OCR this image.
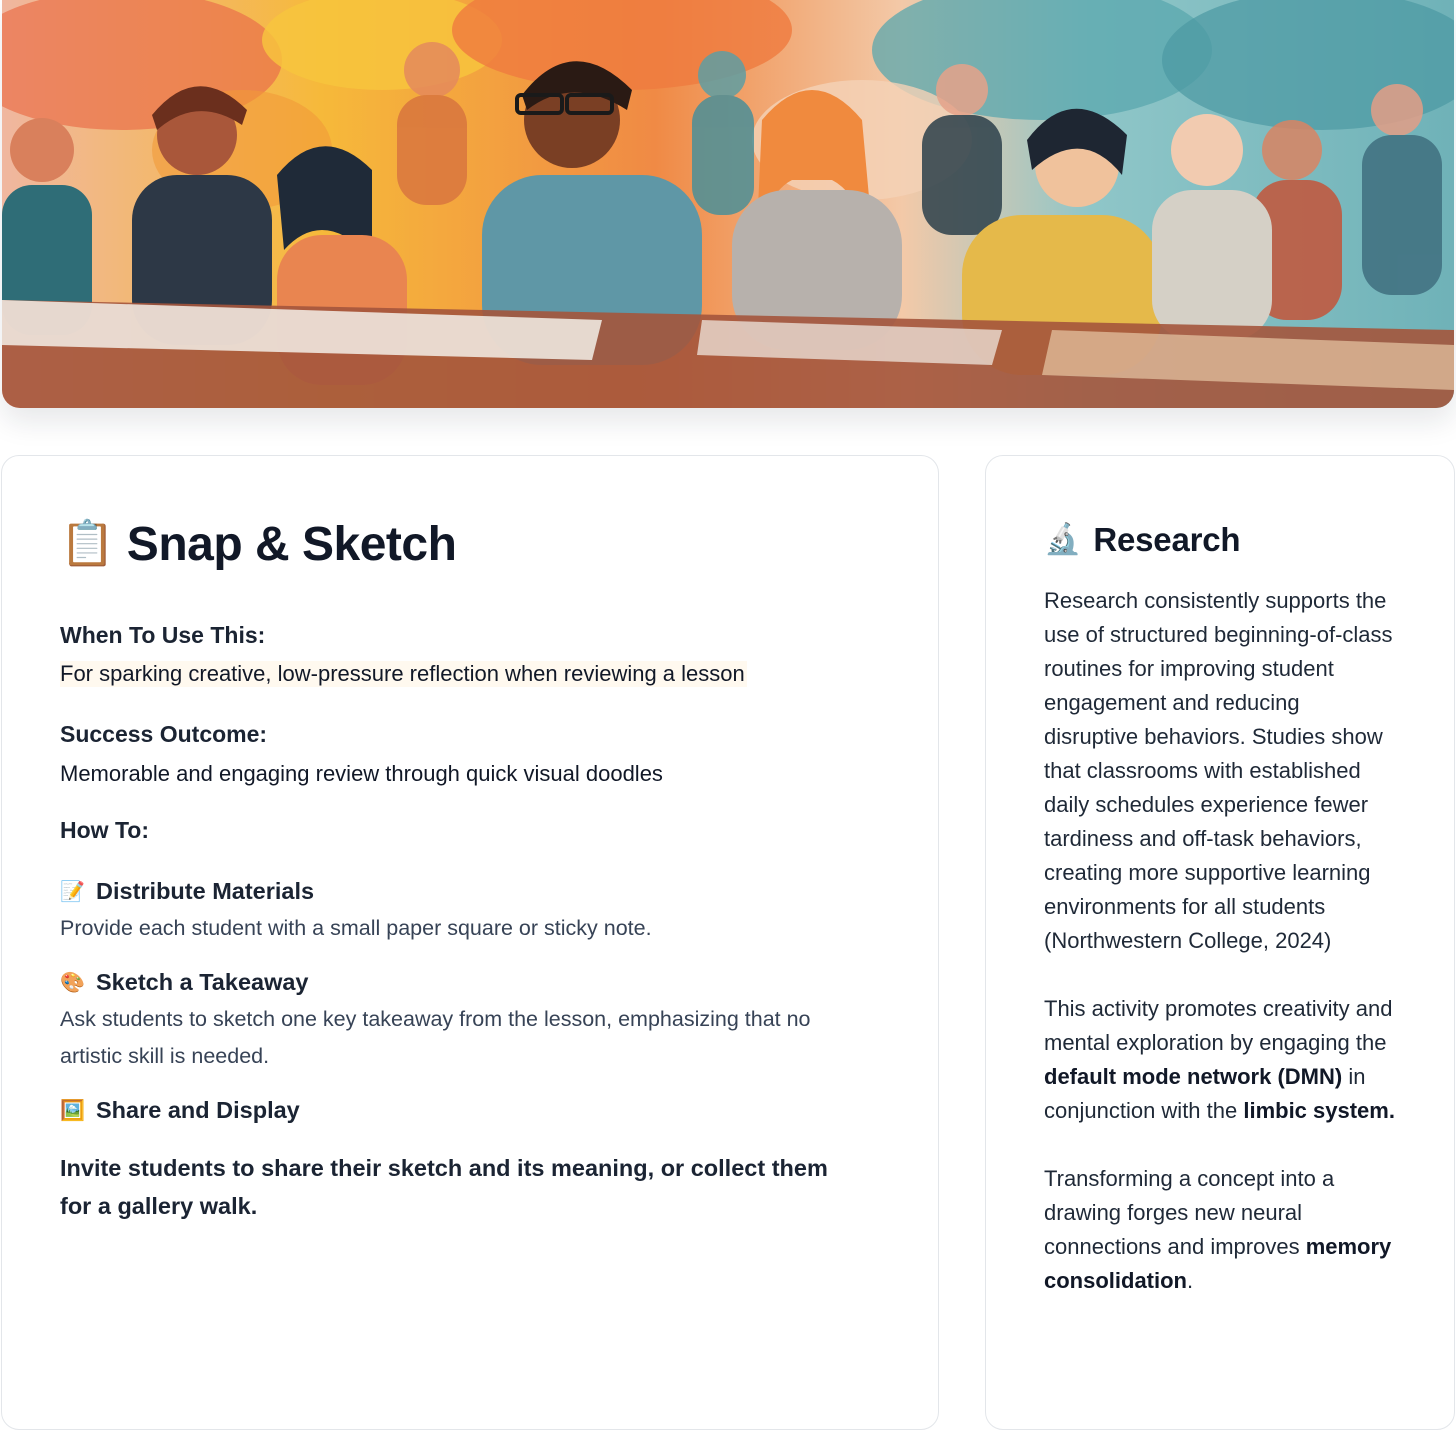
📋 Snap & Sketch
When To Use This:
For sparking creative, low-pressure reflection when reviewing a lesson
Success Outcome:
Memorable and engaging review through quick visual doodles
How To:
📝 Distribute Materials
Provide each student with a small paper square or sticky note.
🎨 Sketch a Takeaway
Ask students to sketch one key takeaway from the lesson, emphasizing that no
artistic skill is needed.
🖼️ Share and Display
Invite students to share their sketch and its meaning, or collect them
for a gallery walk.
🔬 Research

Research consistently supports the use of structured beginning-of-class routines for improving student engagement and reducing disruptive behaviors. Studies show that classrooms with established daily schedules experience fewer tardiness and off-task behaviors, creating more supportive learning environments for all students (Northwestern College, 2024)

This activity promotes creativity and mental exploration by engaging the default mode network (DMN) in conjunction with the limbic system.

Transforming a concept into a drawing forges new neural connections and improves memory consolidation.
